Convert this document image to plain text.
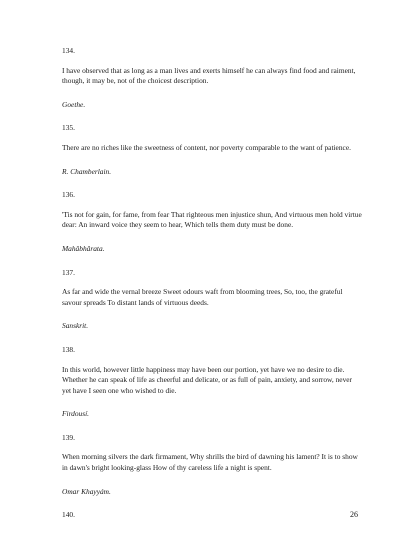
134.

I have observed that as long as a man lives and exerts himself he can always find food and raiment, though, it may be, not of the choicest description.

Goethe.

135.

There are no riches like the sweetness of content, nor poverty comparable to the want of patience.

R. Chamberlain.

136.

'Tis not for gain, for fame, from fear That righteous men injustice shun, And virtuous men hold virtue dear: An inward voice they seem to hear, Which tells them duty must be done.

Mahâbhârata.

137.

As far and wide the vernal breeze Sweet odours waft from blooming trees, So, too, the grateful savour spreads To distant lands of virtuous deeds.

Sanskrit.

138.

In this world, however little happiness may have been our portion, yet have we no desire to die. Whether he can speak of life as cheerful and delicate, or as full of pain, anxiety, and sorrow, never yet have I seen one who wished to die.

Firdousí.

139.

When morning silvers the dark firmament, Why shrills the bird of dawning his lament? It is to show in dawn's bright looking-glass How of thy careless life a night is spent.

Omar Khayyám.

140.	26
